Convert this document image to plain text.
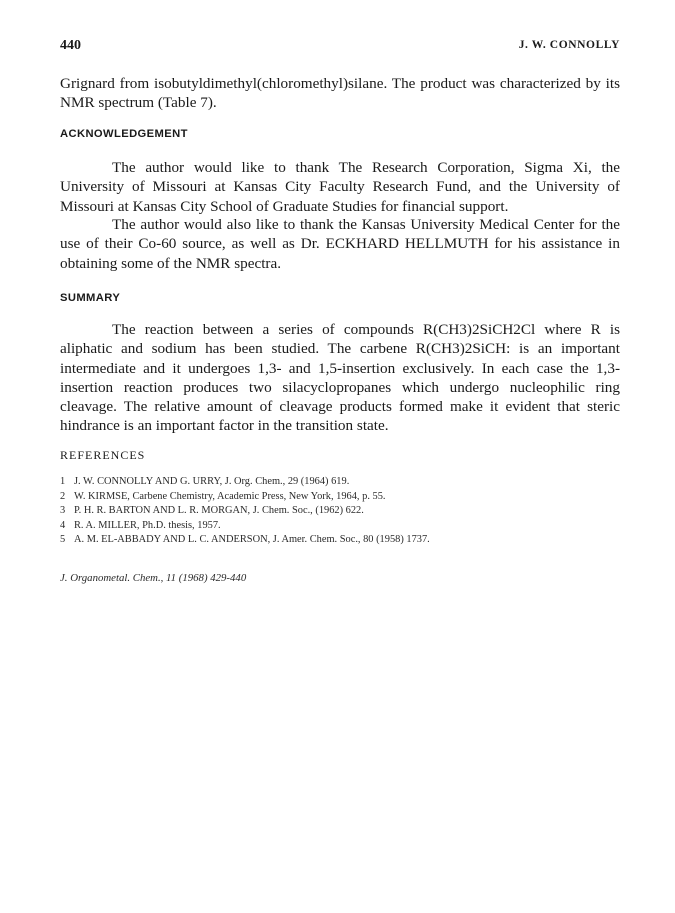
440	J. W. CONNOLLY

Grignard from isobutyldimethyl(chloromethyl)silane. The product was characterized by its NMR spectrum (Table 7).

ACKNOWLEDGEMENT

The author would like to thank The Research Corporation, Sigma Xi, the University of Missouri at Kansas City Faculty Research Fund, and the University of Missouri at Kansas City School of Graduate Studies for financial support.

The author would also like to thank the Kansas University Medical Center for the use of their Co-60 source, as well as Dr. ECKHARD HELLMUTH for his assistance in obtaining some of the NMR spectra.

SUMMARY

The reaction between a series of compounds R(CH3)2SiCH2Cl where R is aliphatic and sodium has been studied. The carbene R(CH3)2SiCH: is an important intermediate and it undergoes 1,3- and 1,5-insertion exclusively. In each case the 1,3-insertion reaction produces two silacyclopropanes which undergo nucleophilic ring cleavage. The relative amount of cleavage products formed make it evident that steric hindrance is an important factor in the transition state.

REFERENCES
1 J. W. CONNOLLY AND G. URRY, J. Org. Chem., 29 (1964) 619.
2 W. KIRMSE, Carbene Chemistry, Academic Press, New York, 1964, p. 55.
3 P. H. R. BARTON AND L. R. MORGAN, J. Chem. Soc., (1962) 622.
4 R. A. MILLER, Ph.D. thesis, 1957.
5 A. M. EL-ABBADY AND L. C. ANDERSON, J. Amer. Chem. Soc., 80 (1958) 1737.
J. Organometal. Chem., 11 (1968) 429-440
